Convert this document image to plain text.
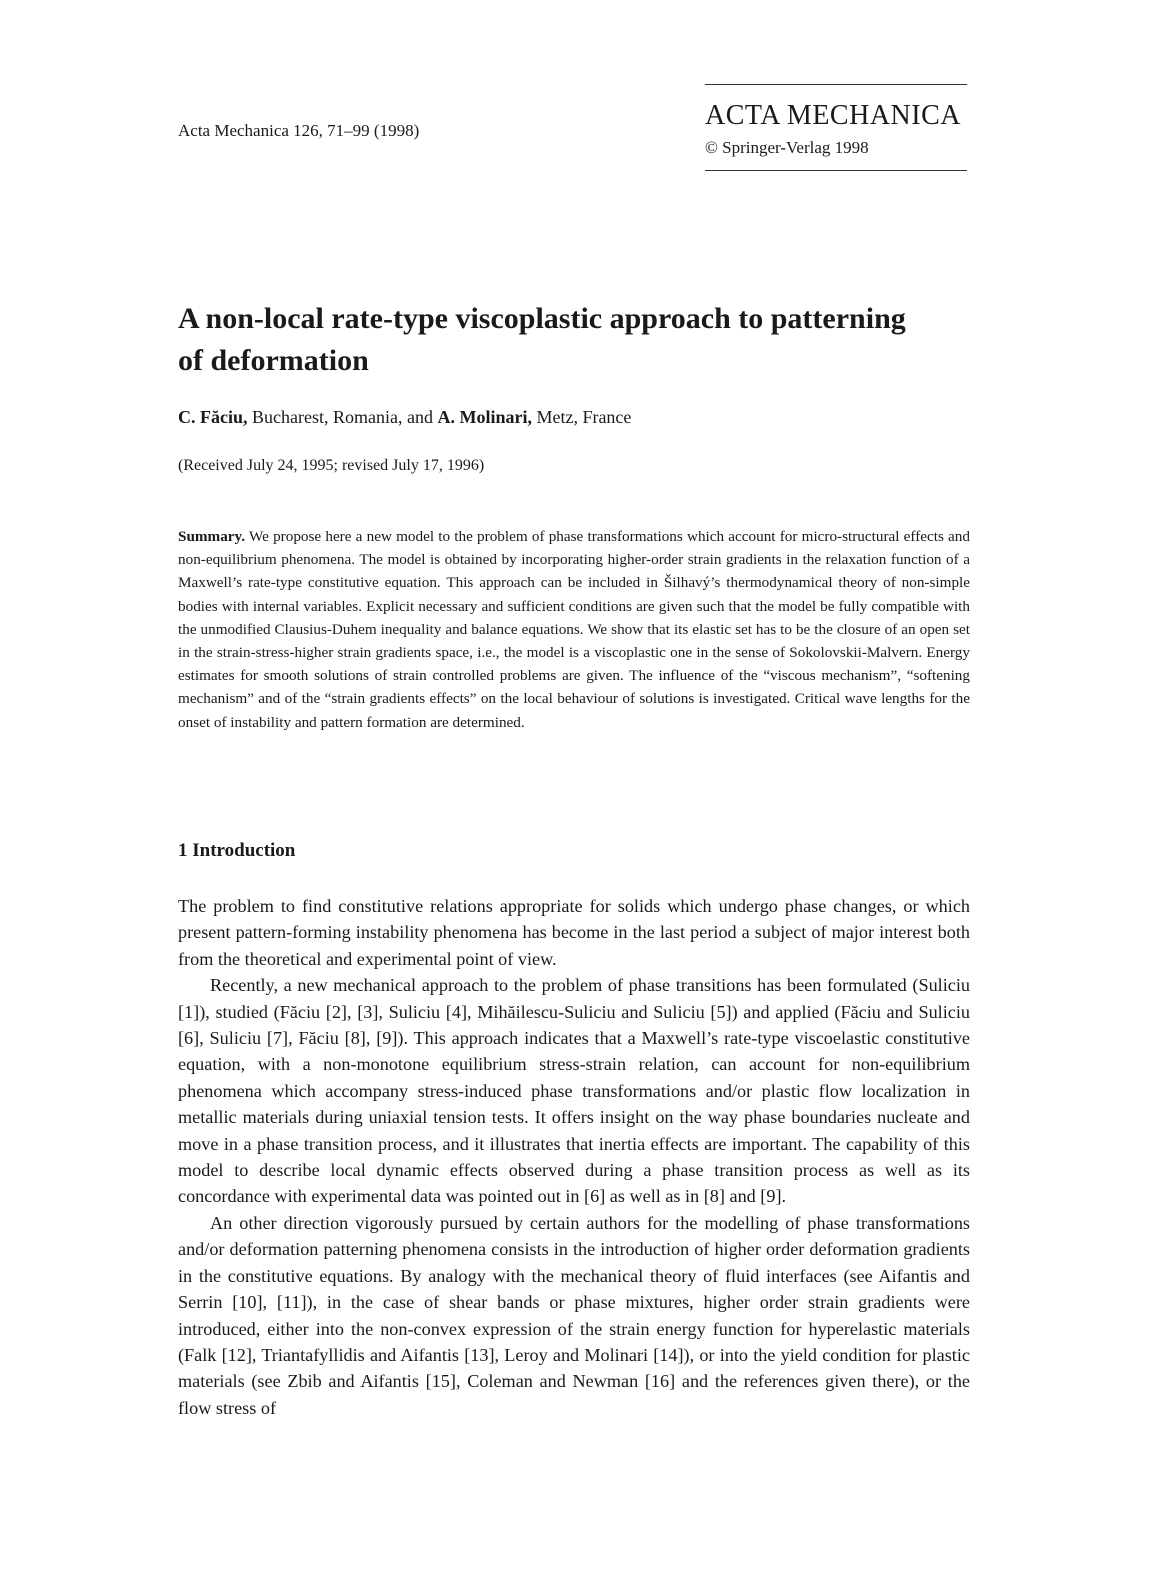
Acta Mechanica 126, 71–99 (1998)	ACTA MECHANICA
© Springer-Verlag 1998
A non-local rate-type viscoplastic approach to patterning of deformation
C. Făciu, Bucharest, Romania, and A. Molinari, Metz, France
(Received July 24, 1995; revised July 17, 1996)

Summary. We propose here a new model to the problem of phase transformations which account for micro-structural effects and non-equilibrium phenomena. The model is obtained by incorporating higher-order strain gradients in the relaxation function of a Maxwell’s rate-type constitutive equation. This approach can be included in Šilhavý’s thermodynamical theory of non-simple bodies with internal variables. Explicit necessary and sufficient conditions are given such that the model be fully compatible with the unmodified Clausius-Duhem inequality and balance equations. We show that its elastic set has to be the closure of an open set in the strain-stress-higher strain gradients space, i.e., the model is a viscoplastic one in the sense of Sokolovskii-Malvern. Energy estimates for smooth solutions of strain controlled problems are given. The influence of the “viscous mechanism”, “softening mechanism” and of the “strain gradients effects” on the local behaviour of solutions is investigated. Critical wave lengths for the onset of instability and pattern formation are determined.

1 Introduction

The problem to find constitutive relations appropriate for solids which undergo phase changes, or which present pattern-forming instability phenomena has become in the last period a subject of major interest both from the theoretical and experimental point of view.

Recently, a new mechanical approach to the problem of phase transitions has been formulated (Suliciu [1]), studied (Făciu [2], [3], Suliciu [4], Mihăilescu-Suliciu and Suliciu [5]) and applied (Făciu and Suliciu [6], Suliciu [7], Făciu [8], [9]). This approach indicates that a Maxwell’s rate-type viscoelastic constitutive equation, with a non-monotone equilibrium stress-strain relation, can account for non-equilibrium phenomena which accompany stress-induced phase transformations and/or plastic flow localization in metallic materials during uniaxial tension tests. It offers insight on the way phase boundaries nucleate and move in a phase transition process, and it illustrates that inertia effects are important. The capability of this model to describe local dynamic effects observed during a phase transition process as well as its concordance with experimental data was pointed out in [6] as well as in [8] and [9].

An other direction vigorously pursued by certain authors for the modelling of phase transformations and/or deformation patterning phenomena consists in the introduction of higher order deformation gradients in the constitutive equations. By analogy with the mechanical theory of fluid interfaces (see Aifantis and Serrin [10], [11]), in the case of shear bands or phase mixtures, higher order strain gradients were introduced, either into the non-convex expression of the strain energy function for hyperelastic materials (Falk [12], Triantafyllidis and Aifantis [13], Leroy and Molinari [14]), or into the yield condition for plastic materials (see Zbib and Aifantis [15], Coleman and Newman [16] and the references given there), or the flow stress of
